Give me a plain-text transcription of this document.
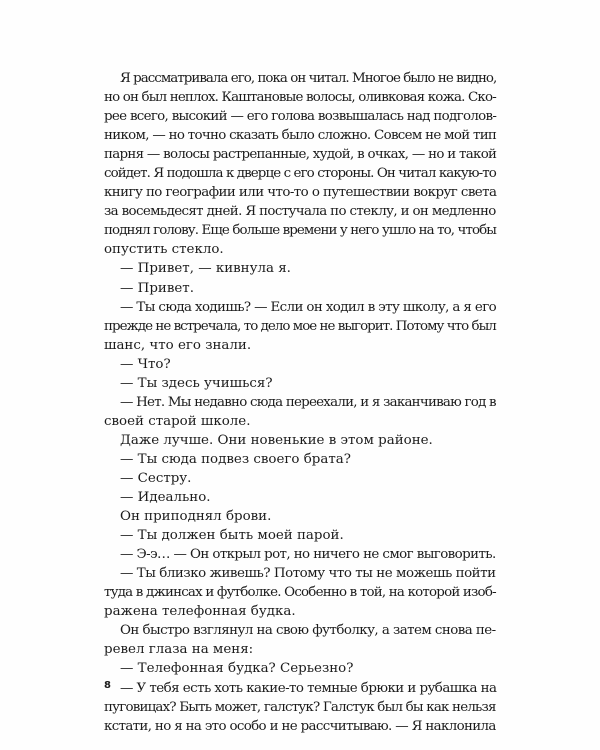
Я рассматривала его, пока он читал. Многое было не видно,
но он был неплох. Каштановые волосы, оливковая кожа. Ско-
рее всего, высокий — его голова возвышалась над подголов-
ником, — но точно сказать было сложно. Совсем не мой тип
парня — волосы растрепанные, худой, в очках, — но и такой
сойдет. Я подошла к дверце с его стороны. Он читал какую-то
книгу по географии или что-то о путешествии вокруг света
за восемьдесят дней. Я постучала по стеклу, и он медленно
поднял голову. Еще больше времени у него ушло на то, чтобы
опустить стекло.
— Привет, — кивнула я.
— Привет.
— Ты сюда ходишь? — Если он ходил в эту школу, а я его
прежде не встречала, то дело мое не выгорит. Потому что был
шанс, что его знали.
— Что?
— Ты здесь учишься?
— Нет. Мы недавно сюда переехали, и я заканчиваю год в
своей старой школе.
Даже лучше. Они новенькие в этом районе.
— Ты сюда подвез своего брата?
— Сестру.
— Идеально.
Он приподнял брови.
— Ты должен быть моей парой.
— Э-э… — Он открыл рот, но ничего не смог выговорить.
— Ты близко живешь? Потому что ты не можешь пойти
туда в джинсах и футболке. Особенно в той, на которой изоб-
ражена телефонная будка.
Он быстро взглянул на свою футболку, а затем снова пе-
ревел глаза на меня:
— Телефонная будка? Серьезно?
— У тебя есть хоть какие-то темные брюки и рубашка на
пуговицах? Быть может, галстук? Галстук был бы как нельзя
кстати, но я на это особо и не рассчитываю. — Я наклонила
8
